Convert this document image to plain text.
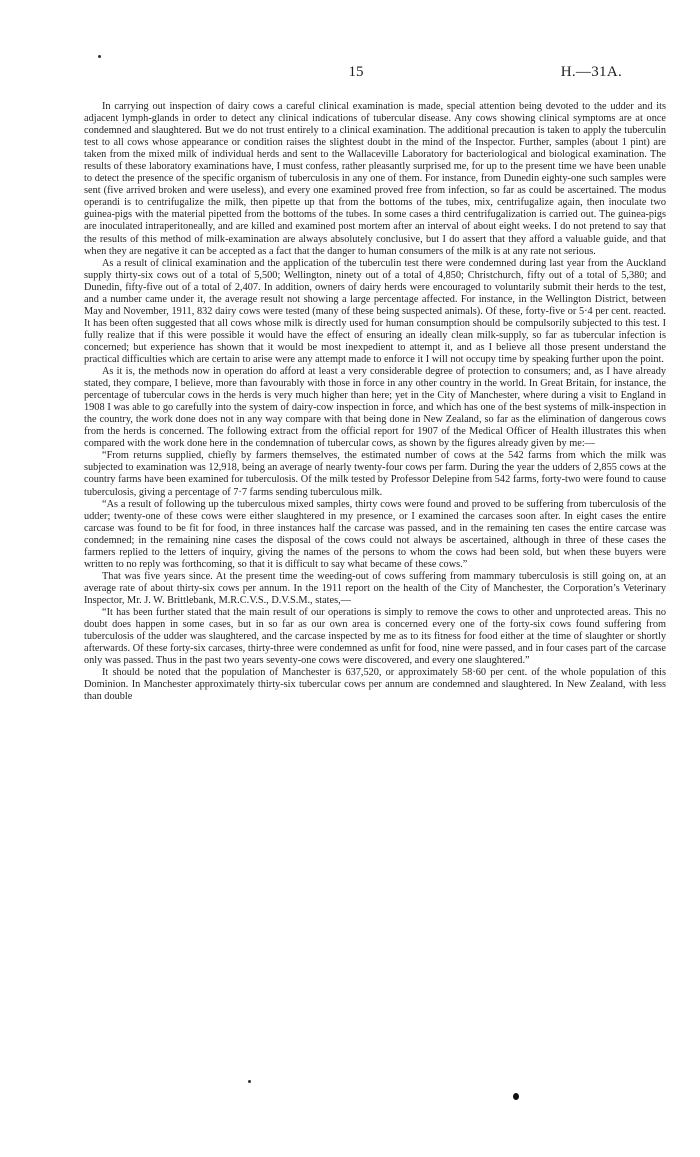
15	H.—31A.

In carrying out inspection of dairy cows a careful clinical examination is made, special attention being devoted to the udder and its adjacent lymph-glands in order to detect any clinical indications of tubercular disease. Any cows showing clinical symptoms are at once condemned and slaughtered. But we do not trust entirely to a clinical examination. The additional precaution is taken to apply the tuberculin test to all cows whose appearance or condition raises the slightest doubt in the mind of the Inspector. Further, samples (about 1 pint) are taken from the mixed milk of individual herds and sent to the Wallaceville Laboratory for bacteriological and biological examination. The results of these laboratory examinations have, I must confess, rather pleasantly surprised me, for up to the present time we have been unable to detect the presence of the specific organism of tuberculosis in any one of them. For instance, from Dunedin eighty-one such samples were sent (five arrived broken and were useless), and every one examined proved free from infection, so far as could be ascertained. The modus operandi is to centrifugalize the milk, then pipette up that from the bottoms of the tubes, mix, centrifugalize again, then inoculate two guinea-pigs with the material pipetted from the bottoms of the tubes. In some cases a third centrifugalization is carried out. The guinea-pigs are inoculated intraperitoneally, and are killed and examined post mortem after an interval of about eight weeks. I do not pretend to say that the results of this method of milk-examination are always absolutely conclusive, but I do assert that they afford a valuable guide, and that when they are negative it can be accepted as a fact that the danger to human consumers of the milk is at any rate not serious.

As a result of clinical examination and the application of the tuberculin test there were condemned during last year from the Auckland supply thirty-six cows out of a total of 5,500; Wellington, ninety out of a total of 4,850; Christchurch, fifty out of a total of 5,380; and Dunedin, fifty-five out of a total of 2,407. In addition, owners of dairy herds were encouraged to voluntarily submit their herds to the test, and a number came under it, the average result not showing a large percentage affected. For instance, in the Wellington District, between May and November, 1911, 832 dairy cows were tested (many of these being suspected animals). Of these, forty-five or 5·4 per cent. reacted. It has been often suggested that all cows whose milk is directly used for human consumption should be compulsorily subjected to this test. I fully realize that if this were possible it would have the effect of ensuring an ideally clean milk-supply, so far as tubercular infection is concerned; but experience has shown that it would be most inexpedient to attempt it, and as I believe all those present understand the practical difficulties which are certain to arise were any attempt made to enforce it I will not occupy time by speaking further upon the point.

As it is, the methods now in operation do afford at least a very considerable degree of protection to consumers; and, as I have already stated, they compare, I believe, more than favourably with those in force in any other country in the world. In Great Britain, for instance, the percentage of tubercular cows in the herds is very much higher than here; yet in the City of Manchester, where during a visit to England in 1908 I was able to go carefully into the system of dairy-cow inspection in force, and which has one of the best systems of milk-inspection in the country, the work done does not in any way compare with that being done in New Zealand, so far as the elimination of dangerous cows from the herds is concerned. The following extract from the official report for 1907 of the Medical Officer of Health illustrates this when compared with the work done here in the condemnation of tubercular cows, as shown by the figures already given by me:—

“From returns supplied, chiefly by farmers themselves, the estimated number of cows at the 542 farms from which the milk was subjected to examination was 12,918, being an average of nearly twenty-four cows per farm. During the year the udders of 2,855 cows at the country farms have been examined for tuberculosis. Of the milk tested by Professor Delepine from 542 farms, forty-two were found to cause tuberculosis, giving a percentage of 7·7 farms sending tuberculous milk.

“As a result of following up the tuberculous mixed samples, thirty cows were found and proved to be suffering from tuberculosis of the udder; twenty-one of these cows were either slaughtered in my presence, or I examined the carcases soon after. In eight cases the entire carcase was found to be fit for food, in three instances half the carcase was passed, and in the remaining ten cases the entire carcase was condemned; in the remaining nine cases the disposal of the cows could not always be ascertained, although in three of these cases the farmers replied to the letters of inquiry, giving the names of the persons to whom the cows had been sold, but when these buyers were written to no reply was forthcoming, so that it is difficult to say what became of these cows.”

That was five years since. At the present time the weeding-out of cows suffering from mammary tuberculosis is still going on, at an average rate of about thirty-six cows per annum. In the 1911 report on the health of the City of Manchester, the Corporation’s Veterinary Inspector, Mr. J. W. Brittlebank, M.R.C.V.S., D.V.S.M., states,—

“It has been further stated that the main result of our operations is simply to remove the cows to other and unprotected areas. This no doubt does happen in some cases, but in so far as our own area is concerned every one of the forty-six cows found suffering from tuberculosis of the udder was slaughtered, and the carcase inspected by me as to its fitness for food either at the time of slaughter or shortly afterwards. Of these forty-six carcases, thirty-three were condemned as unfit for food, nine were passed, and in four cases part of the carcase only was passed. Thus in the past two years seventy-one cows were discovered, and every one slaughtered.”

It should be noted that the population of Manchester is 637,520, or approximately 58·60 per cent. of the whole population of this Dominion. In Manchester approximately thirty-six tubercular cows per annum are condemned and slaughtered. In New Zealand, with less than double
